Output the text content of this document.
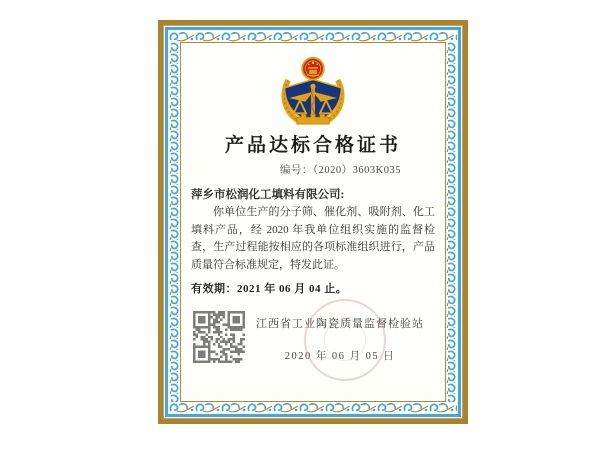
产品达标合格证书
编号：（2020）3603K035
萍乡市松润化工填料有限公司:
你单位生产的分子筛、催化剂、吸附剂、化工填料产品，经 2020 年我单位组织实施的监督检查，生产过程能按相应的各项标准组织进行，产品质量符合标准规定，特发此证。
有效期：2021 年 06 月 04 止。
江西省工业陶瓷质量监督检验站
2020 年 06 月 05 日
